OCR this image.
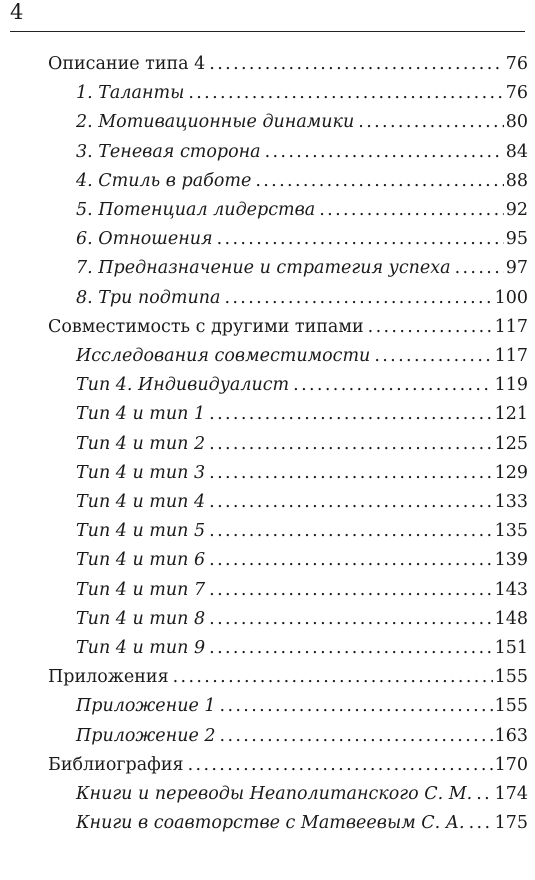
4
Описание типа 4 . . .	76
1. Таланты . . .	76
2. Мотивационные динамики . . .	80
3. Теневая сторона . . .	84
4. Стиль в работе . . .	88
5. Потенциал лидерства . . .	92
6. Отношения . . .	95
7. Предназначение и стратегия успеха . . .	97
8. Три подтипа . . .	100
Совместимость с другими типами . . .	117
Исследования совместимости . . .	117
Тип 4. Индивидуалист . . .	119
Тип 4 и тип 1 . . .	121
Тип 4 и тип 2 . . .	125
Тип 4 и тип 3 . . .	129
Тип 4 и тип 4 . . .	133
Тип 4 и тип 5 . . .	135
Тип 4 и тип 6 . . .	139
Тип 4 и тип 7 . . .	143
Тип 4 и тип 8 . . .	148
Тип 4 и тип 9 . . .	151
Приложения . . .	155
Приложение 1 . . .	155
Приложение 2 . . .	163
Библиография . . .	170
Книги и переводы Неаполитанского С. М. . . . 174
Книги в соавторстве с Матвеевым С. А. . . . 175
